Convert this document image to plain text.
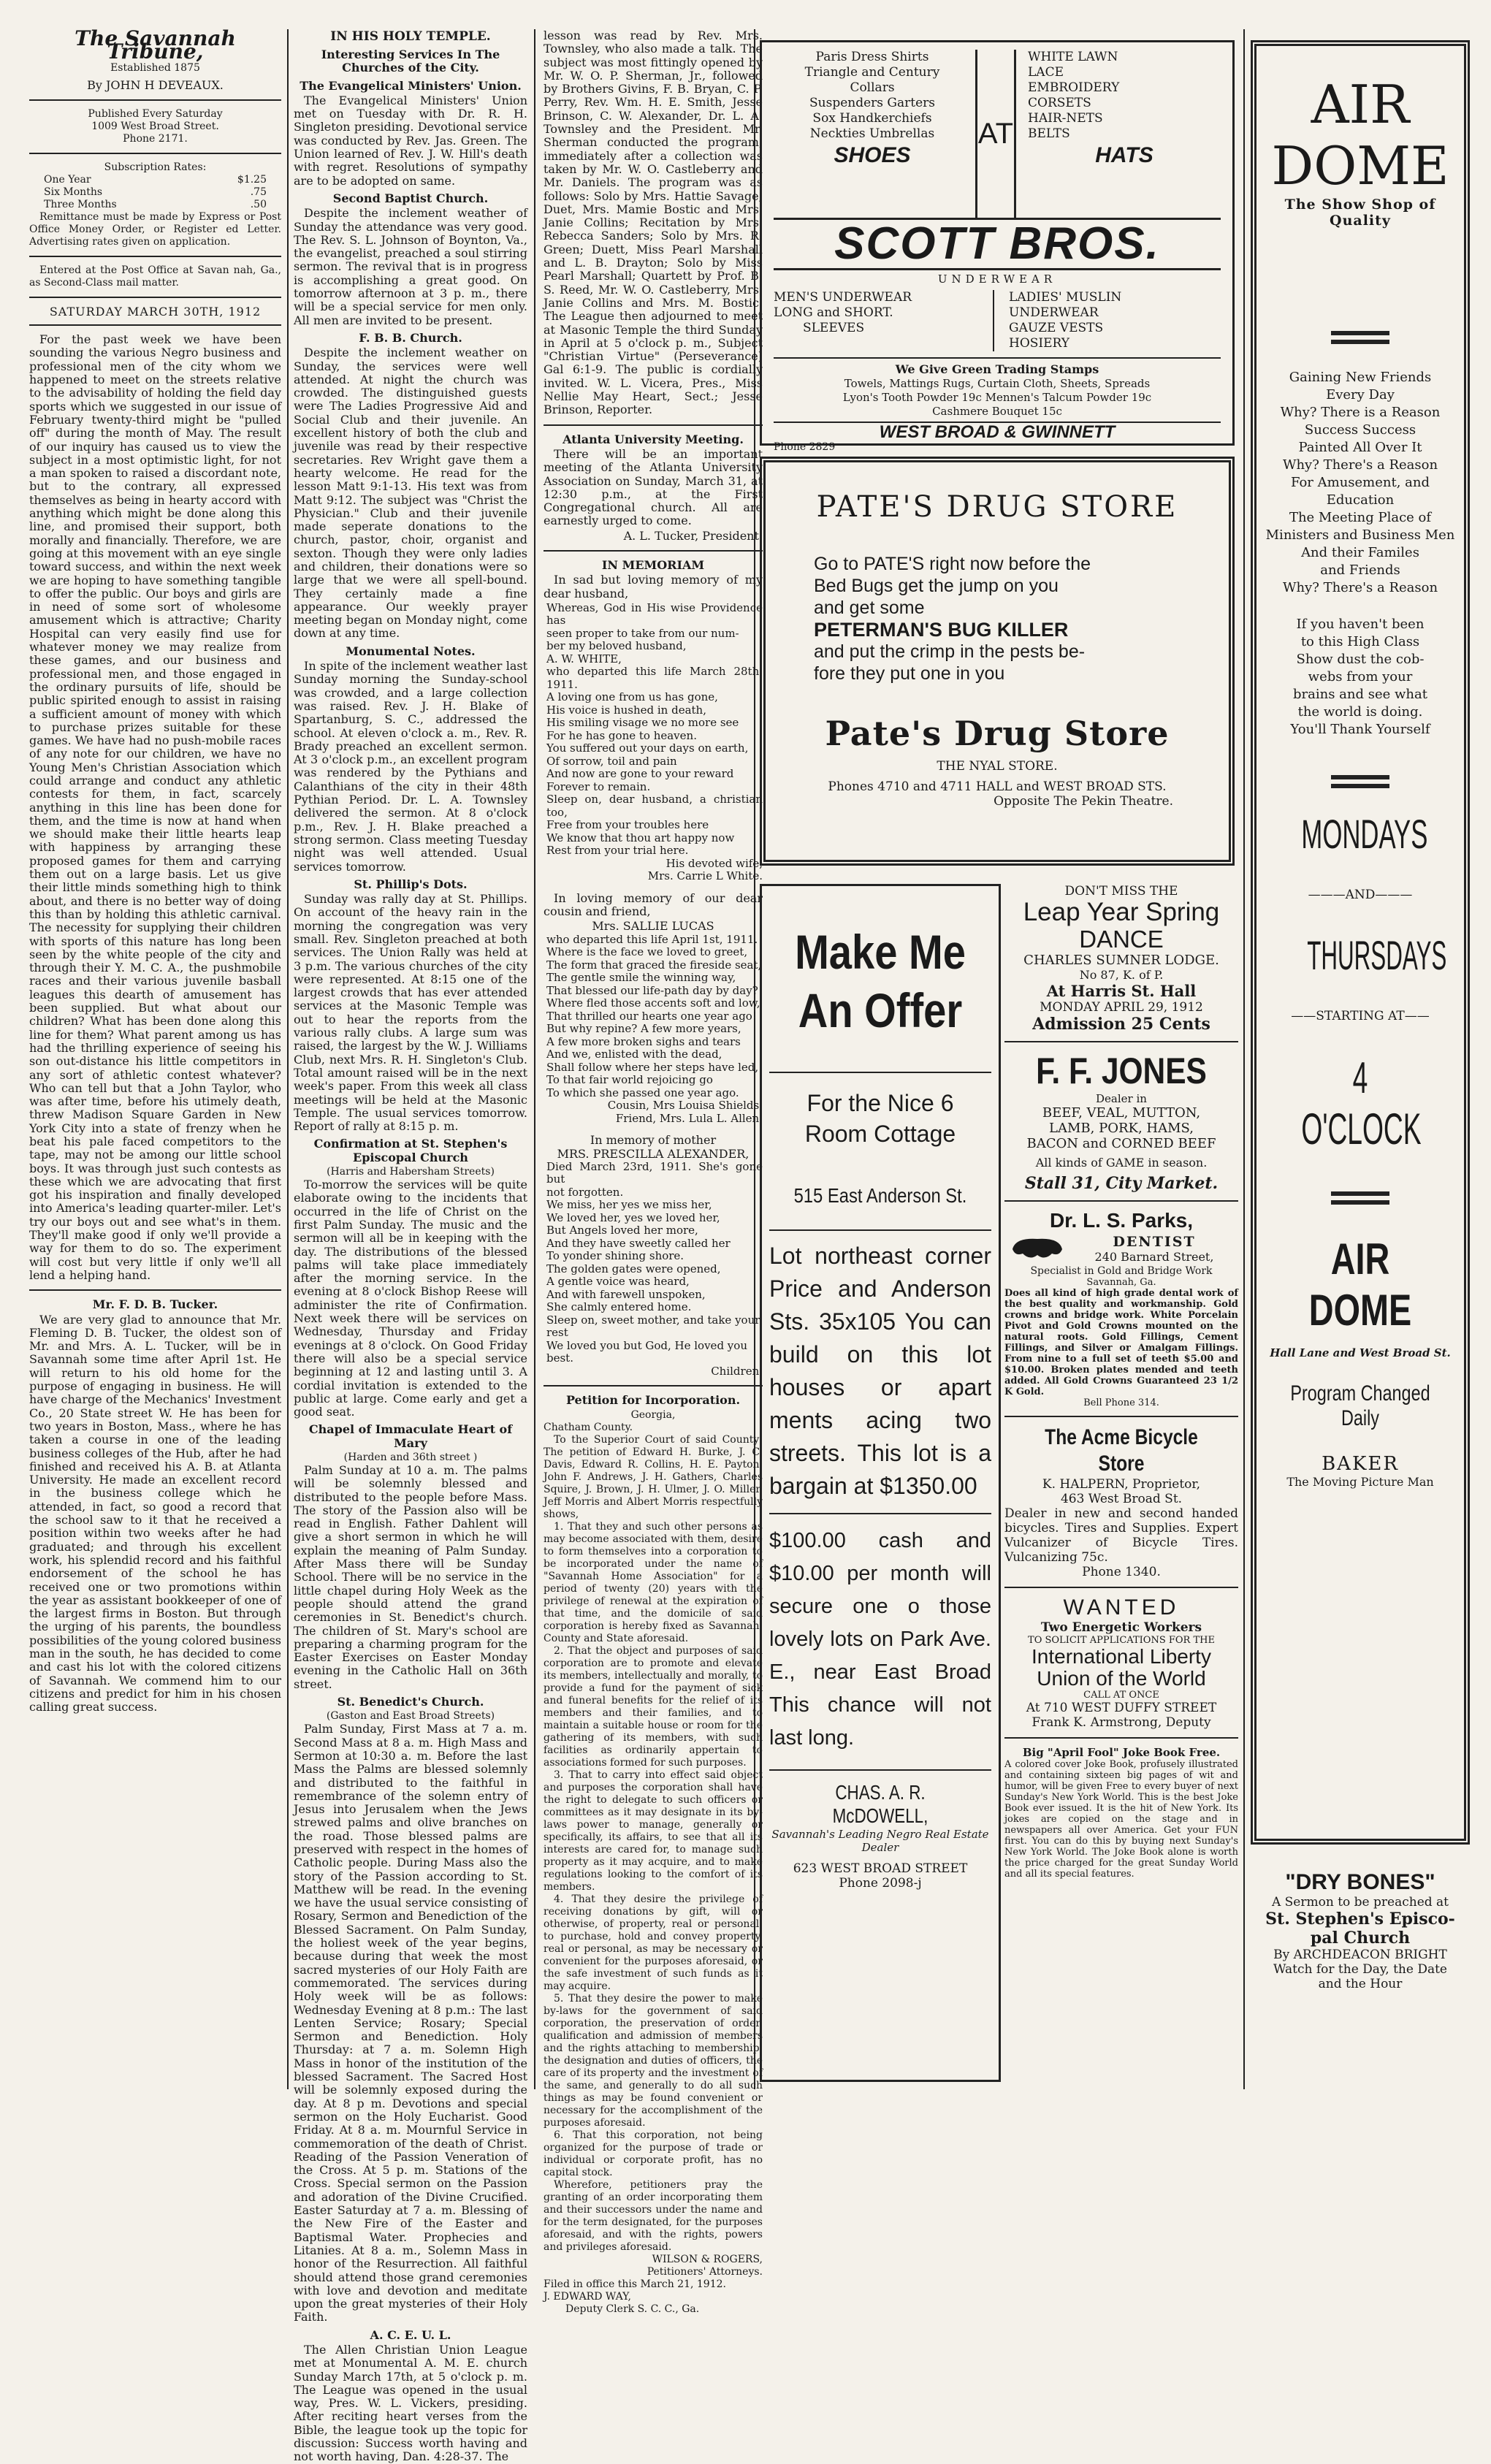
The Savannah Tribune,
Established 1875
By JOHN H DEVEAUX.
Published Every Saturday
1009 West Broad Street.
Phone 2171.
Subscription Rates:
One Year	$1.25
Six Months	.75
Three Months	.50

Remittance must be made by Express or Post Office Money Order, or Register ed Letter. Advertising rates given on application.

Entered at the Post Office at Savan nah, Ga., as Second-Class mail matter.

SATURDAY MARCH 30TH, 1912

For the past week we have been sounding the various Negro business and professional men of the city whom we happened to meet on the streets relative to the advisability of holding the field day sports which we suggested in our issue of February twenty-third might be "pulled off" during the month of May. The result of our inquiry has caused us to view the subject in a most optimistic light, for not a man spoken to raised a discordant note, but to the contrary, all expressed themselves as being in hearty accord with anything which might be done along this line, and promised their support, both morally and financially. Therefore, we are going at this movement with an eye single toward success, and within the next week we are hoping to have something tangible to offer the public. Our boys and girls are in need of some sort of wholesome amusement which is attractive; Charity Hospital can very easily find use for whatever money we may realize from these games, and our business and professional men, and those engaged in the ordinary pursuits of life, should be public spirited enough to assist in raising a sufficient amount of money with which to purchase prizes suitable for these games. We have had no push-mobile races of any note for our children, we have no Young Men's Christian Association which could arrange and conduct any athletic contests for them, in fact, scarcely anything in this line has been done for them, and the time is now at hand when we should make their little hearts leap with happiness by arranging these proposed games for them and carrying them out on a large basis. Let us give their little minds something high to think about, and there is no better way of doing this than by holding this athletic carnival. The necessity for supplying their children with sports of this nature has long been seen by the white people of the city and through their Y. M. C. A., the pushmobile races and their various juvenile basball leagues this dearth of amusement has been supplied. But what about our children? What has been done along this line for them? What parent among us has had the thrilling experience of seeing his son out-distance his little competitors in any sort of athletic contest whatever? Who can tell but that a John Taylor, who was after time, before his utimely death, threw Madison Square Garden in New York City into a state of frenzy when he beat his pale faced competitors to the tape, may not be among our little school boys. It was through just such contests as these which we are advocating that first got his inspiration and finally developed into America's leading quarter-miler. Let's try our boys out and see what's in them. They'll make good if only we'll provide a way for them to do so. The experiment will cost but very little if only we'll all lend a helping hand.

Mr. F. D. B. Tucker.

We are very glad to announce that Mr. Fleming D. B. Tucker, the oldest son of Mr. and Mrs. A. L. Tucker, will be in Savannah some time after April 1st. He will return to his old home for the purpose of engaging in business. He will have charge of the Mechanics' Investment Co., 20 State street W. He has been for two years in Boston, Mass., where he has taken a course in one of the leading business colleges of the Hub, after he had finished and received his A. B. at Atlanta University. He made an excellent record in the business college which he attended, in fact, so good a record that the school saw to it that he received a position within two weeks after he had graduated; and through his excellent work, his splendid record and his faithful endorsement of the school he has received one or two promotions within the year as assistant bookkeeper of one of the largest firms in Boston. But through the urging of his parents, the boundless possibilities of the young colored business man in the south, he has decided to come and cast his lot with the colored citizens of Savannah. We commend him to our citizens and predict for him in his chosen calling great success.

IN HIS HOLY TEMPLE.
Interesting Services In The Churches of the City.
The Evangelical Ministers' Union.

The Evangelical Ministers' Union met on Tuesday with Dr. R. H. Singleton presiding. Devotional service was conducted by Rev. Jas. Green. The Union learned of Rev. J. W. Hill's death with regret. Resolutions of sympathy are to be adopted on same.

Second Baptist Church.

Despite the inclement weather of Sunday the attendance was very good. The Rev. S. L. Johnson of Boynton, Va., the evangelist, preached a soul stirring sermon. The revival that is in progress is accomplishing a great good. On tomorrow afternoon at 3 p. m., there will be a special service for men only. All men are invited to be present.

F. B. B. Church.

Despite the inclement weather on Sunday, the services were well attended. At night the church was crowded. The distinguished guests were The Ladies Progressive Aid and Social Club and their juvenile. An excellent history of both the club and juvenile was read by their respective secretaries. Rev Wright gave them a hearty welcome. He read for the lesson Matt 9:1-13. His text was from Matt 9:12. The subject was "Christ the Physician." Club and their juvenile made seperate donations to the church, pastor, choir, organist and sexton. Though they were only ladies and children, their donations were so large that we were all spell-bound. They certainly made a fine appearance. Our weekly prayer meeting began on Monday night, come down at any time.

Monumental Notes.

In spite of the inclement weather last Sunday morning the Sunday-school was crowded, and a large collection was raised. Rev. J. H. Blake of Spartanburg, S. C., addressed the school. At eleven o'clock a. m., Rev. R. Brady preached an excellent sermon. At 3 o'clock p.m., an excellent program was rendered by the Pythians and Calanthians of the city in their 48th Pythian Period. Dr. L. A. Townsley delivered the sermon. At 8 o'clock p.m., Rev. J. H. Blake preached a strong sermon. Class meeting Tuesday night was well attended. Usual services tomorrow.

St. Phillip's Dots.

Sunday was rally day at St. Phillips. On account of the heavy rain in the morning the congregation was very small. Rev. Singleton preached at both services. The Union Rally was held at 3 p.m. The various churches of the city were represented. At 8:15 one of the largest crowds that has ever attended services at the Masonic Temple was out to hear the reports from the various rally clubs. A large sum was raised, the largest by the W. J. Williams Club, next Mrs. R. H. Singleton's Club. Total amount raised will be in the next week's paper. From this week all class meetings will be held at the Masonic Temple. The usual services tomorrow. Report of rally at 8:15 p. m.

Confirmation at St. Stephen's Episcopal Church
(Harris and Habersham Streets)

To-morrow the services will be quite elaborate owing to the incidents that occurred in the life of Christ on the first Palm Sunday. The music and the sermon will all be in keeping with the day. The distributions of the blessed palms will take place immediately after the morning service. In the evening at 8 o'clock Bishop Reese will administer the rite of Confirmation. Next week there will be services on Wednesday, Thursday and Friday evenings at 8 o'clock. On Good Friday there will also be a special service beginning at 12 and lasting until 3. A cordial invitation is extended to the public at large. Come early and get a good seat.

Chapel of Immaculate Heart of Mary
(Harden and 36th street )

Palm Sunday at 10 a. m. The palms will be solemnly blessed and distributed to the people before Mass. The story of the Passion also will be read in English. Father Dahlent will give a short sermon in which he will explain the meaning of Palm Sunday. After Mass there will be Sunday School. There will be no service in the little chapel during Holy Week as the people should attend the grand ceremonies in St. Benedict's church. The children of St. Mary's school are preparing a charming program for the Easter Exercises on Easter Monday evening in the Catholic Hall on 36th street.

St. Benedict's Church.
(Gaston and East Broad Streets)

Palm Sunday, First Mass at 7 a. m. Second Mass at 8 a. m. High Mass and Sermon at 10:30 a. m. Before the last Mass the Palms are blessed solemnly and distributed to the faithful in remembrance of the solemn entry of Jesus into Jerusalem when the Jews strewed palms and olive branches on the road. Those blessed palms are preserved with respect in the homes of Catholic people. During Mass also the story of the Passion according to St. Matthew will be read. In the evening we have the usual service consisting of Rosary, Sermon and Benediction of the Blessed Sacrament. On Palm Sunday, the holiest week of the year begins, because during that week the most sacred mysteries of our Holy Faith are commemorated. The services during Holy week will be as follows: Wednesday Evening at 8 p.m.: The last Lenten Service; Rosary; Special Sermon and Benediction. Holy Thursday: at 7 a. m. Solemn High Mass in honor of the institution of the blessed Sacrament. The Sacred Host will be solemnly exposed during the day. At 8 p m. Devotions and special sermon on the Holy Eucharist. Good Friday. At 8 a. m. Mournful Service in commemoration of the death of Christ. Reading of the Passion Veneration of the Cross. At 5 p. m. Stations of the Cross. Special sermon on the Passion and adoration of the Divine Crucified. Easter Saturday at 7 a. m. Blessing of the New Fire of the Easter and Baptismal Water. Prophecies and Litanies. At 8 a. m., Solemn Mass in honor of the Resurrection. All faithful should attend those grand ceremonies with love and devotion and meditate upon the great mysteries of their Holy Faith.

A. C. E. U. L.

The Allen Christian Union League met at Monumental A. M. E. church Sunday March 17th, at 5 o'clock p. m. The League was opened in the usual way, Pres. W. L. Vickers, presiding. After reciting heart verses from the Bible, the league took up the topic for discussion: Success worth having and not worth having, Dan. 4:28-37. The

lesson was read by Rev. Mrs. Townsley, who also made a talk. The subject was most fittingly opened by Mr. W. O. P. Sherman, Jr., followed by Brothers Givins, F. B. Bryan, C. P. Perry, Rev. Wm. H. E. Smith, Jesse Brinson, C. W. Alexander, Dr. L. A. Townsley and the President. Mr. Sherman conducted the program, immediately after a collection was taken by Mr. W. O. Castleberry and Mr. Daniels. The program was as follows: Solo by Mrs. Hattie Savage; Duet, Mrs. Mamie Bostic and Mrs. Janie Collins; Recitation by Mrs. Rebecca Sanders; Solo by Mrs. R. Green; Duett, Miss Pearl Marshall and L. B. Drayton; Solo by Miss Pearl Marshall; Quartett by Prof. B. S. Reed, Mr. W. O. Castleberry, Mrs. Janie Collins and Mrs. M. Bostic. The League then adjourned to meet at Masonic Temple the third Sunday in April at 5 o'clock p. m., Subject "Christian Virtue" (Perseverance) Gal 6:1-9. The public is cordially invited. W. L. Vicera, Pres., Miss Nellie May Heart, Sect.; Jesse Brinson, Reporter.

Atlanta University Meeting.

There will be an important meeting of the Atlanta University Association on Sunday, March 31, at 12:30 p.m., at the First Congregational church. All are earnestly urged to come.

A. L. Tucker, President.
IN MEMORIAM

In sad but loving memory of my dear husband,

Whereas, God in His wise Providence has
seen proper to take from our num-
ber my beloved husband,
A. W. WHITE,
who departed this life March 28th, 1911.
A loving one from us has gone,
His voice is hushed in death,
His smiling visage we no more see
For he has gone to heaven.
You suffered out your days on earth,
Of sorrow, toil and pain
And now are gone to your reward
Forever to remain.
Sleep on, dear husband, a christian too,
Free from your troubles here
We know that thou art happy now
Rest from your trial here.
His devoted wife,
Mrs. Carrie L White.

In loving memory of our dear cousin and friend,

Mrs. SALLIE LUCAS
who departed this life April 1st, 1911.
Where is the face we loved to greet,
The form that graced the fireside seat,
The gentle smile the winning way,
That blessed our life-path day by day?
Where fled those accents soft and low,
That thrilled our hearts one year ago!
But why repine? A few more years,
A few more broken sighs and tears
And we, enlisted with the dead,
Shall follow where her steps have led,
To that fair world rejoicing go
To which she passed one year ago.
Cousin, Mrs Louisa Shields,
Friend, Mrs. Lula L. Allen.
In memory of mother
MRS. PRESCILLA ALEXANDER,
Died March 23rd, 1911. She's gone but
not forgotten.
We miss, her yes we miss her,
We loved her, yes we loved her,
But Angels loved her more,
And they have sweetly called her
To yonder shining shore.
The golden gates were opened,
A gentle voice was heard,
And with farewell unspoken,
She calmly entered home.
Sleep on, sweet mother, and take your
rest
We loved you but God, He loved you
best.
Children.
Petition for Incorporation.
Georgia,
Chatham County.
To the Superior Court of said County: The petition of Edward H. Burke, J. C. Davis, Edward R. Collins, H. E. Payton, John F. Andrews, J. H. Gathers, Charles Squire, J. Brown, J. H. Ulmer, J. O. Miller, Jeff Morris and Albert Morris respectfully shows,
1. That they and such other persons as may become associated with them, desire to form themselves into a corporation to be incorporated under the name of "Savannah Home Association" for a period of twenty (20) years with the privilege of renewal at the expiration of that time, and the domicile of said corporation is hereby fixed as Savannah, County and State aforesaid.
2. That the object and purposes of said corporation are to promote and elevate its members, intellectually and morally, to provide a fund for the payment of sick and funeral benefits for the relief of its members and their families, and to maintain a suitable house or room for the gathering of its members, with such facilities as ordinarily appertain to associations formed for such purposes.
3. That to carry into effect said object and purposes the corporation shall have the right to delegate to such officers or committees as it may designate in its by-laws power to manage, generally or specifically, its affairs, to see that all its interests are cared for, to manage such property as it may acquire, and to make regulations looking to the comfort of its members.
4. That they desire the privilege of receiving donations by gift, will or otherwise, of property, real or personal; to purchase, hold and convey property, real or personal, as may be necessary or convenient for the purposes aforesaid, or the safe investment of such funds as it may acquire.
5. That they desire the power to make by-laws for the government of said corporation, the preservation of order, qualification and admission of members and the rights attaching to membership, the designation and duties of officers, the care of its property and the investment of the same, and generally to do all such things as may be found convenient or necessary for the accomplishment of the purposes aforesaid.
6. That this corporation, not being organized for the purpose of trade or individual or corporate profit, has no capital stock.
Wherefore, petitioners pray the granting of an order incorporating them and their successors under the name and for the term designated, for the purposes aforesaid, and with the rights, powers and privileges aforesaid.
WILSON & ROGERS,
Petitioners' Attorneys.
Filed in office this March 21, 1912.
J. EDWARD WAY,
Deputy Clerk S. C. C., Ga.
Paris Dress Shirts
Triangle and Century
Collars
Suspenders Garters
Sox Handkerchiefs
Neckties Umbrellas
SHOES
AT
WHITE LAWN
LACE
EMBROIDERY
CORSETS
HAIR-NETS
BELTS
HATS
SCOTT BROS.
UNDERWEAR
MEN'S UNDERWEAR
LONG and SHORT.
SLEEVES
LADIES' MUSLIN
UNDERWEAR
GAUZE VESTS
HOSIERY
We Give Green Trading Stamps
Towels, Mattings Rugs, Curtain Cloth, Sheets, Spreads
Lyon's Tooth Powder 19c Mennen's Talcum Powder 19c
Cashmere Bouquet 15c
WEST BROAD & GWINNETT
Phone 2829
PATE'S DRUG STORE
Go to PATE'S right now before the
Bed Bugs get the jump on you
and get some
PETERMAN'S BUG KILLER
and put the crimp in the pests be-
fore they put one in you
Pate's Drug Store
THE NYAL STORE.
Phones 4710 and 4711 HALL and WEST BROAD STS.
Opposite The Pekin Theatre.
Make Me
An Offer
For the Nice 6
Room Cottage
515 East Anderson St.
Lot northeast corner Price and Anderson Sts. 35x105 You can build on this lot houses or apart ments acing two streets. This lot is a bargain at $1350.00
$100.00 cash and $10.00 per month will secure one o those lovely lots on Park Ave. E., near East Broad This chance will not last long.
CHAS. A. R. McDOWELL,
Savannah's Leading Negro Real Estate Dealer
623 WEST BROAD STREET
Phone 2098-j
DON'T MISS THE
Leap Year Spring
DANCE
CHARLES SUMNER LODGE.
No 87, K. of P.
At Harris St. Hall
MONDAY APRIL 29, 1912
Admission 25 Cents
F. F. JONES
Dealer in
BEEF, VEAL, MUTTON,
LAMB, PORK, HAMS,
BACON and CORNED BEEF
All kinds of GAME in season.
Stall 31, City Market.
Dr. L. S. Parks,
DENTIST
240 Barnard Street,
Specialist in Gold and Bridge Work
Savannah, Ga.
Does all kind of high grade dental work of the best quality and workmanship. Gold crowns and bridge work. White Porcelain Pivot and Gold Crowns mounted on the natural roots. Gold Fillings, Cement Fillings, and Silver or Amalgam Fillings. From nine to a full set of teeth $5.00 and $10.00. Broken plates mended and teeth added. All Gold Crowns Guaranteed 23 1/2 K Gold.
Bell Phone 314.
The Acme Bicycle Store
K. HALPERN, Proprietor,
463 West Broad St.
Dealer in new and second handed bicycles. Tires and Supplies. Expert Vulcanizer of Bicycle Tires. Vulcanizing 75c.
Phone 1340.
WANTED
Two Energetic Workers
TO SOLICIT APPLICATIONS FOR THE
International Liberty
Union of the World
CALL AT ONCE
At 710 WEST DUFFY STREET
Frank K. Armstrong, Deputy
Big "April Fool" Joke Book Free.
A colored cover Joke Book, profusely illustrated and containing sixteen big pages of wit and humor, will be given Free to every buyer of next Sunday's New York World. This is the best Joke Book ever issued. It is the hit of New York. Its jokes are copied on the stage and in newspapers all over America. Get your FUN first. You can do this by buying next Sunday's New York World. The Joke Book alone is worth the price charged for the great Sunday World and all its special features.
AIR
DOME
The Show Shop of Quality
Gaining New Friends
Every Day
Why? There is a Reason
Success Success
Painted All Over It
Why? There's a Reason
For Amusement, and
Education
The Meeting Place of
Ministers and Business Men
And their Familes
and Friends
Why? There's a Reason
If you haven't been
to this High Class
Show dust the cob-
webs from your
brains and see what
the world is doing.
You'll Thank Yourself
MONDAYS
———AND———
THURSDAYS
——STARTING AT——
4 O'CLOCK
AIR DOME
Hall Lane and West Broad St.
Program Changed Daily
BAKER
The Moving Picture Man
"DRY BONES"
A Sermon to be preached at
St. Stephen's Episco-
pal Church
By ARCHDEACON BRIGHT
Watch for the Day, the Date
and the Hour
